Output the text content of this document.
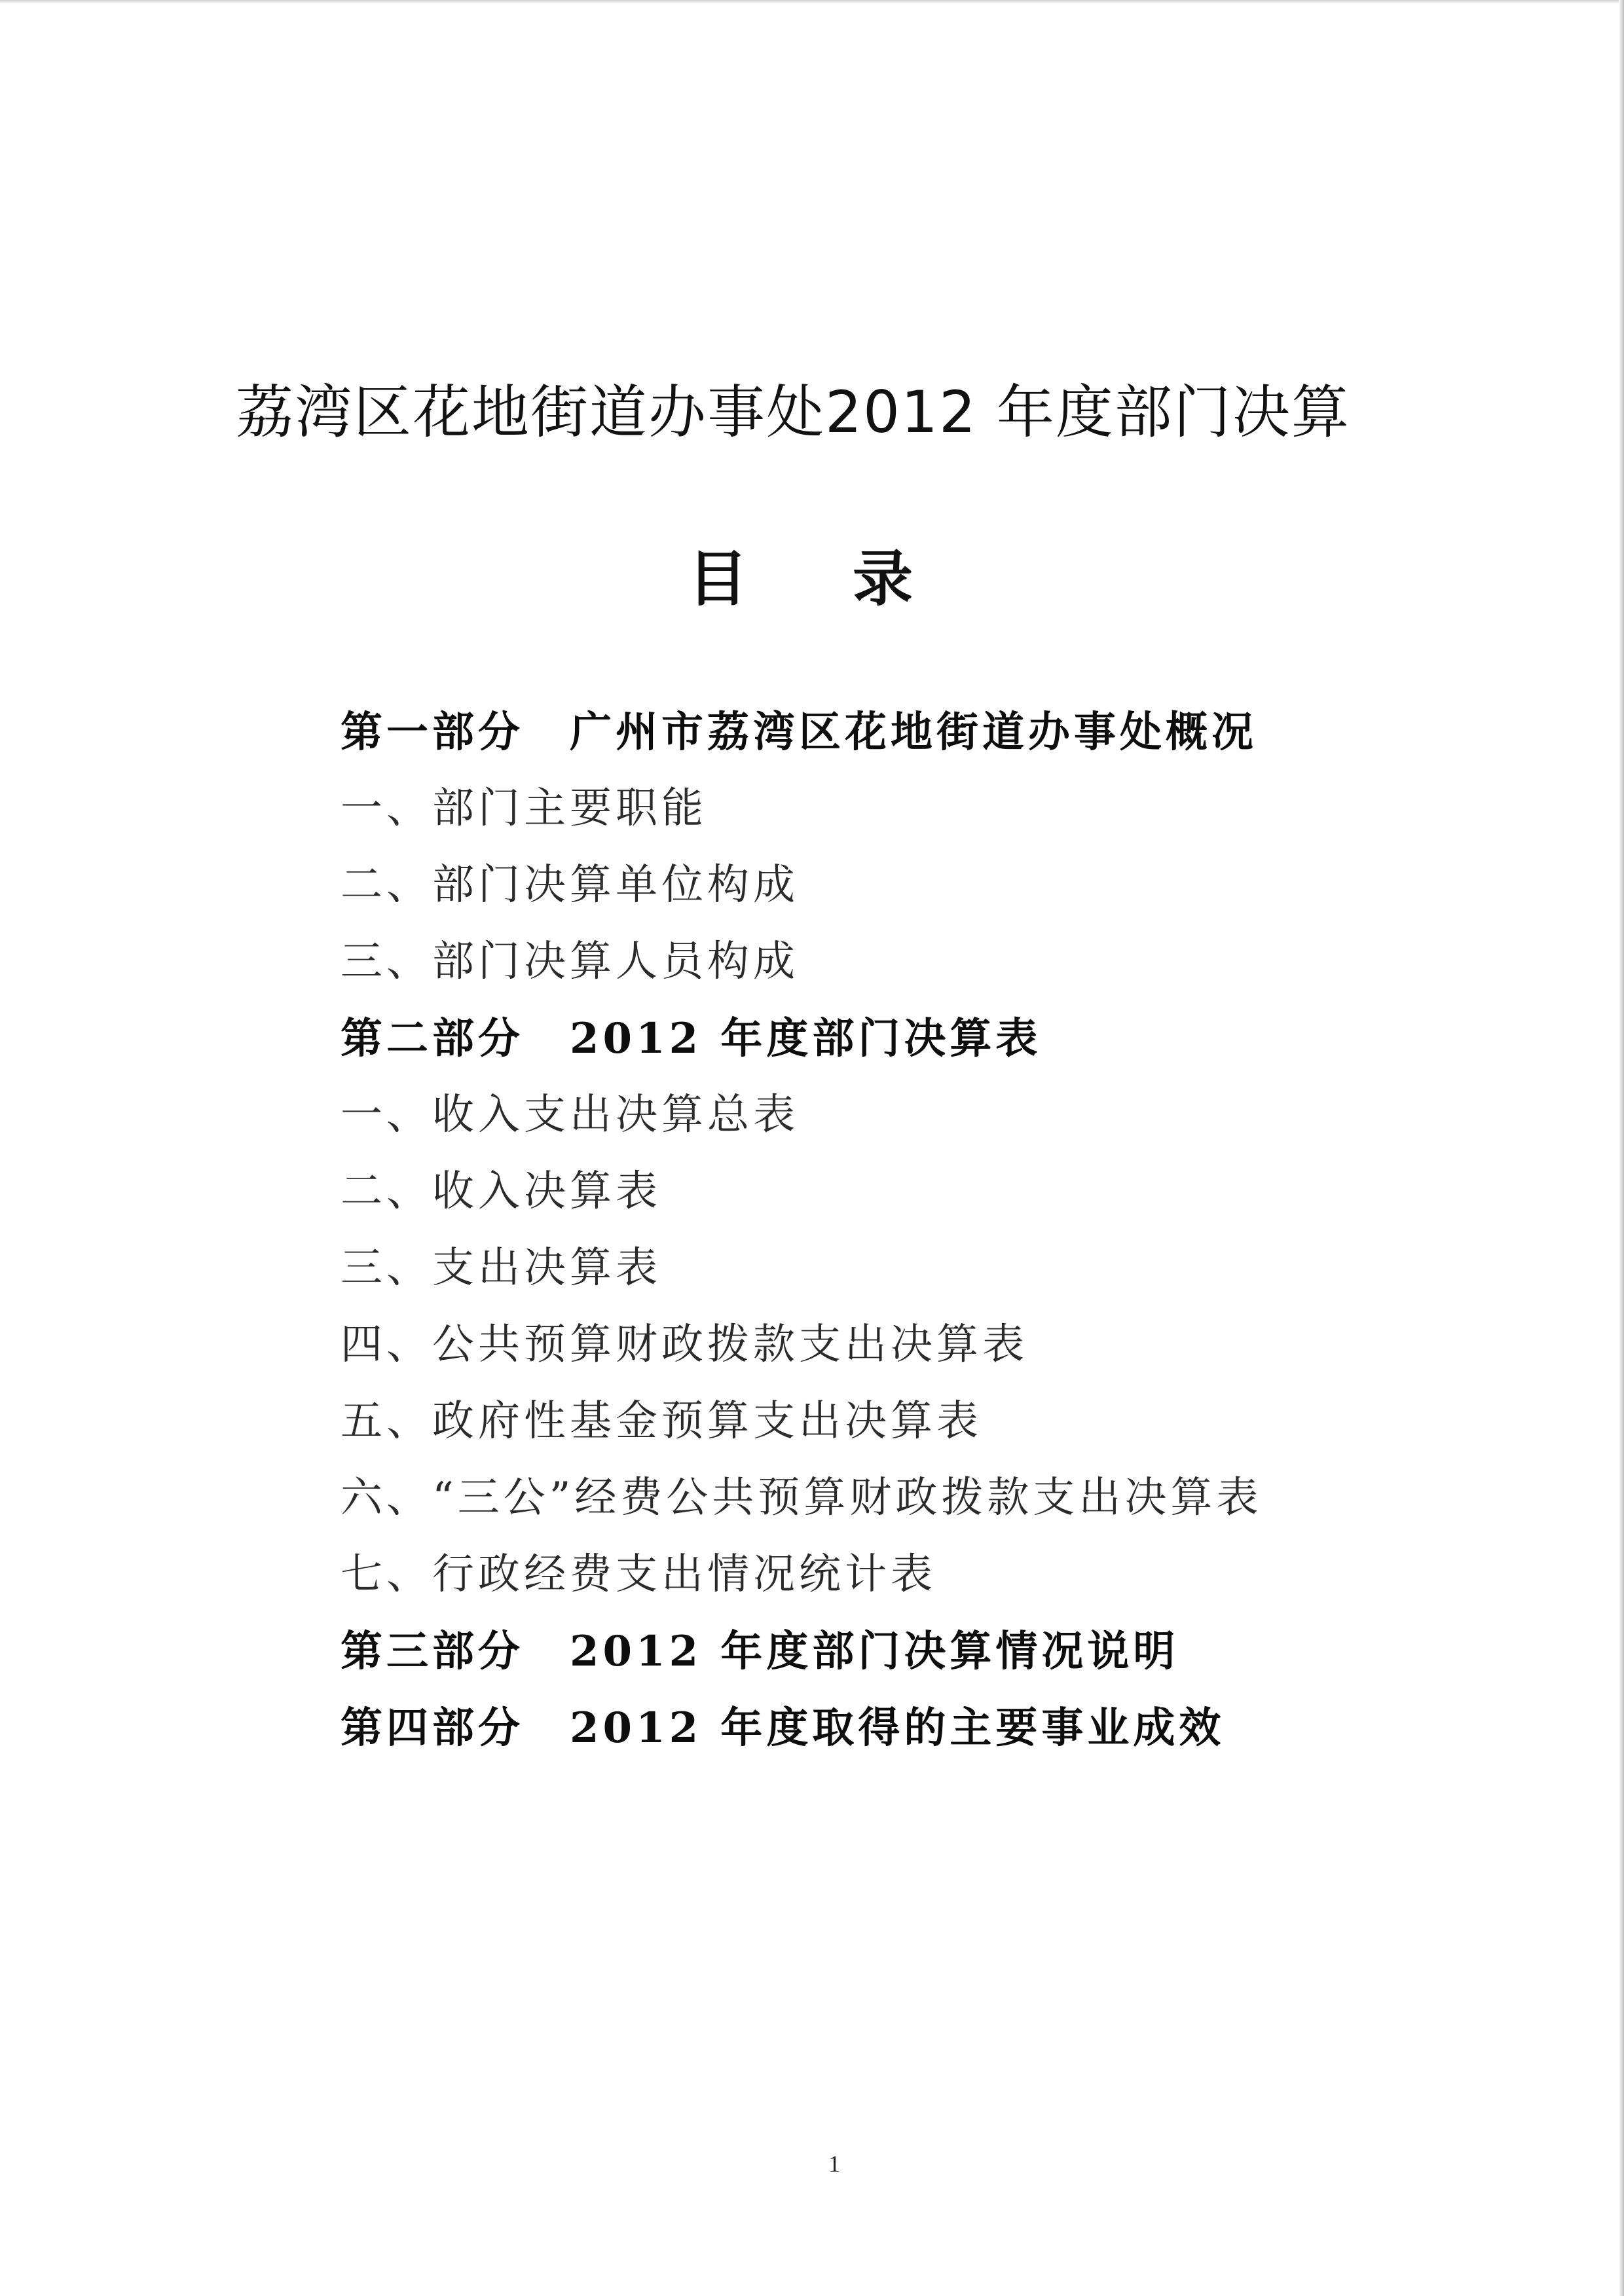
荔湾区花地街道办事处2012 年度部门决算
目录
第一部分 广州市荔湾区花地街道办事处概况
一、部门主要职能
二、部门决算单位构成
三、部门决算人员构成
第二部分 2012 年度部门决算表
一、收入支出决算总表
二、收入决算表
三、支出决算表
四、公共预算财政拨款支出决算表
五、政府性基金预算支出决算表
六、“三公”经费公共预算财政拨款支出决算表
七、行政经费支出情况统计表
第三部分 2012 年度部门决算情况说明
第四部分 2012 年度取得的主要事业成效
1
